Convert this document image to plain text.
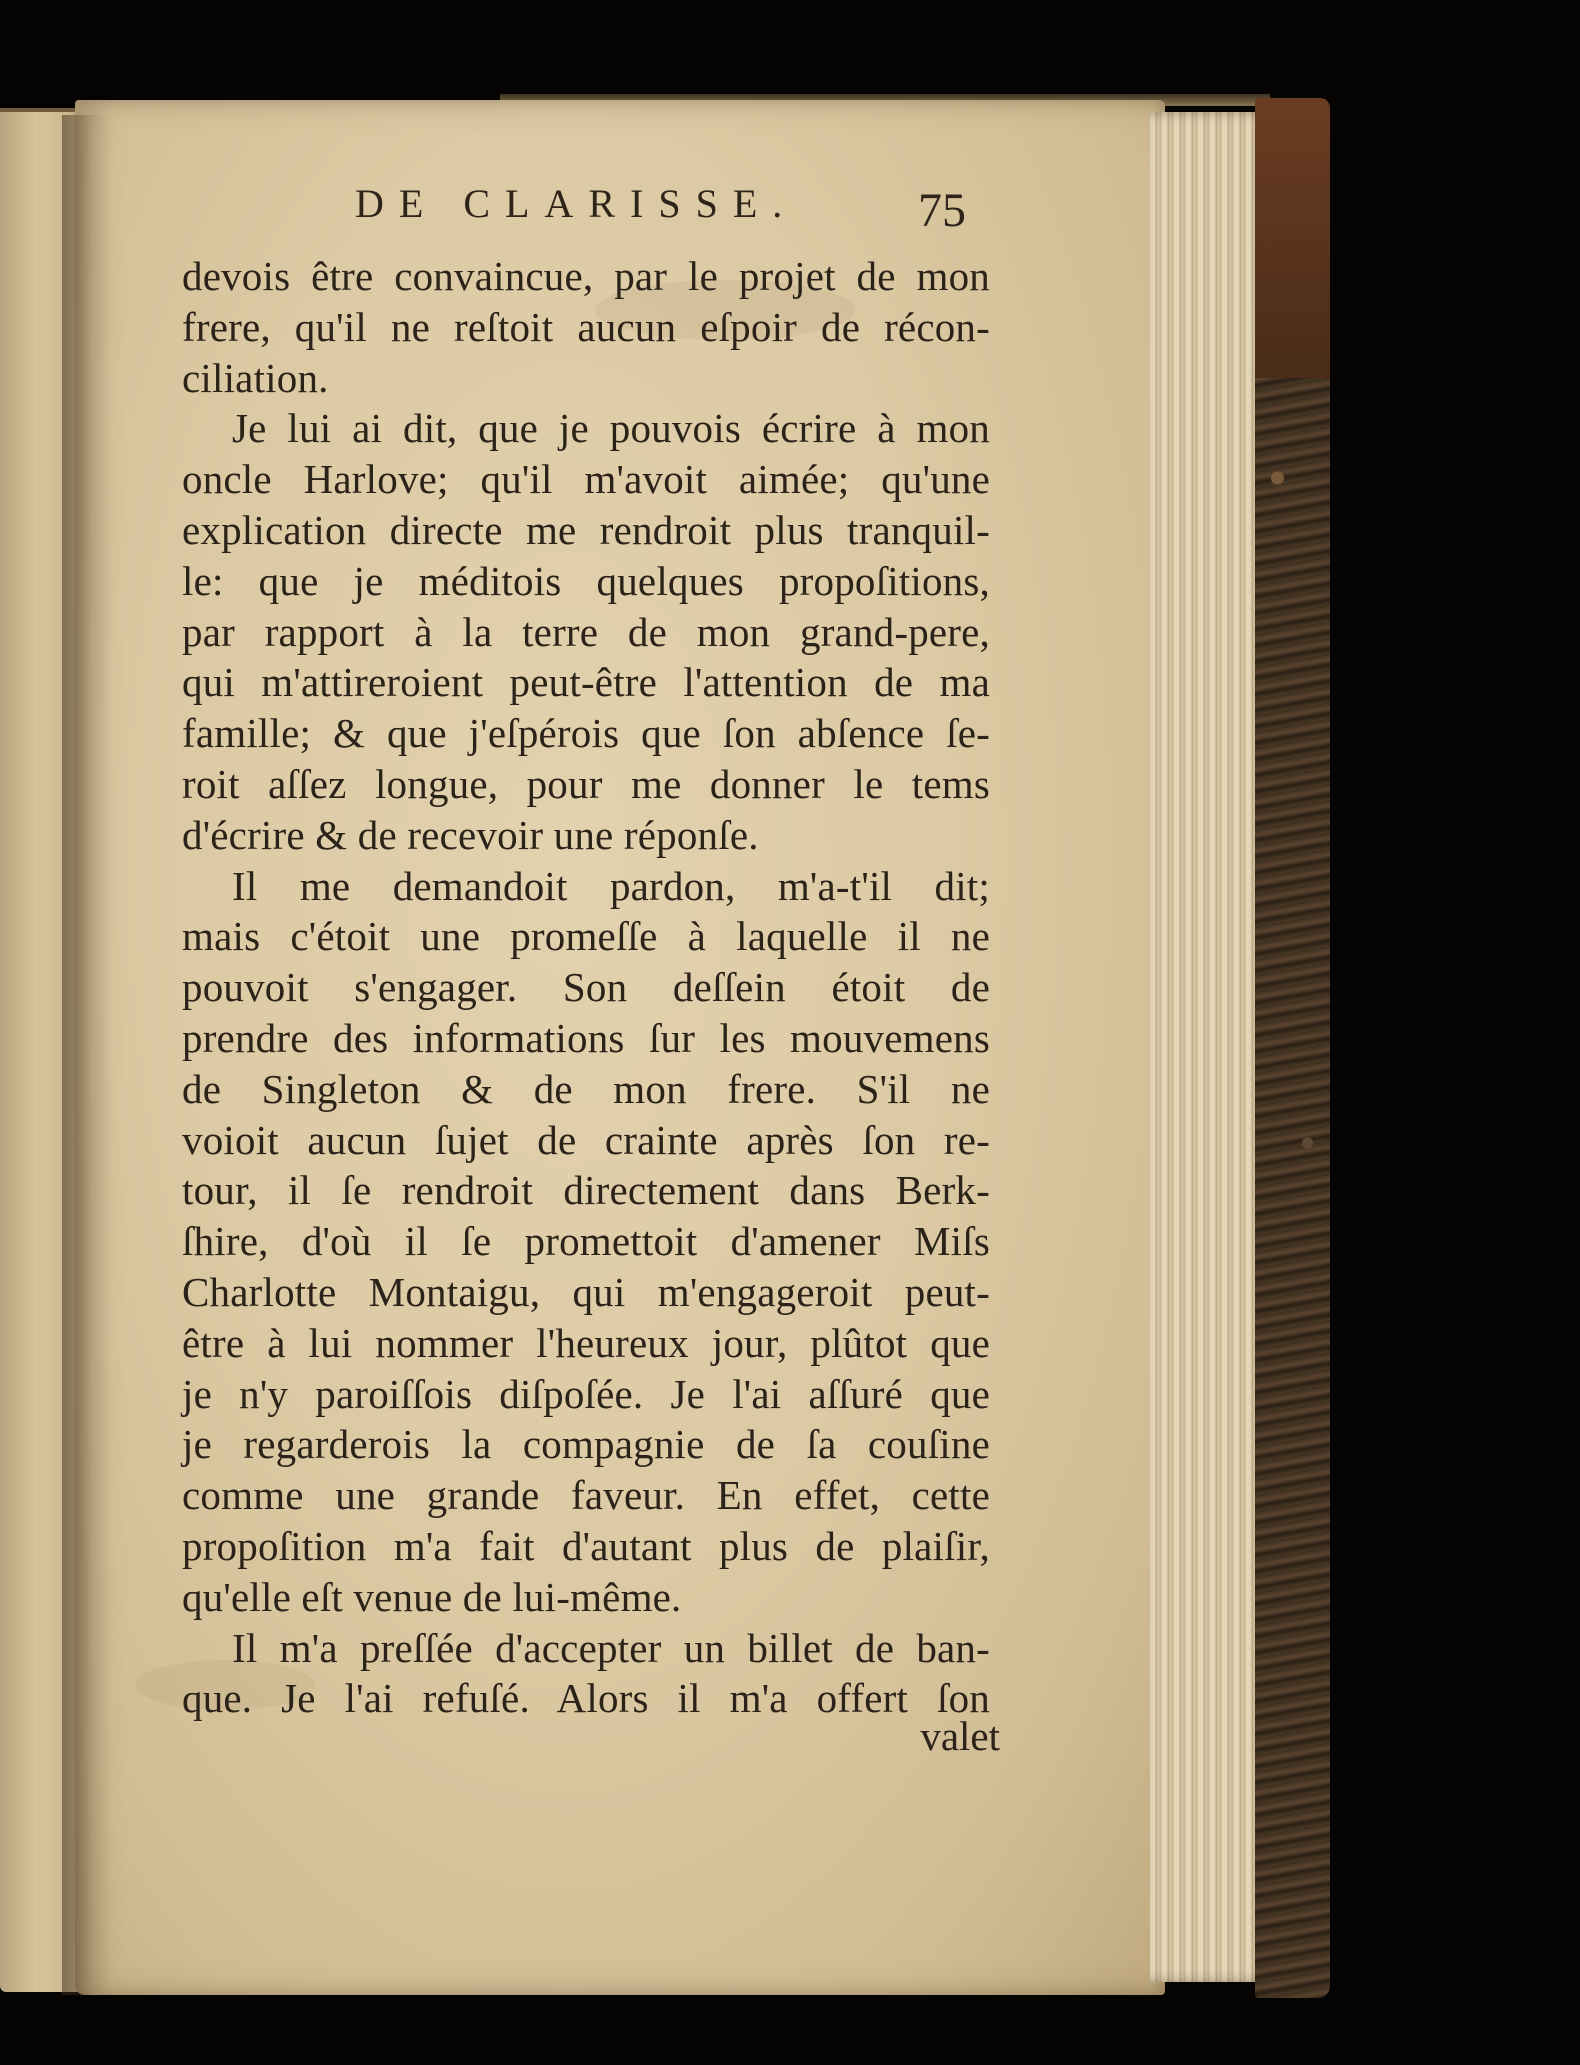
DE CLARISSE.	75
devois être convaincue, par le projet de mon
frere, qu'il ne reſtoit aucun eſpoir de récon-
ciliation.
Je lui ai dit, que je pouvois écrire à mon
oncle Harlove; qu'il m'avoit aimée; qu'une
explication directe me rendroit plus tranquil-
le: que je méditois quelques propoſitions,
par rapport à la terre de mon grand-pere,
qui m'attireroient peut-être l'attention de ma
famille; & que j'eſpérois que ſon abſence ſe-
roit aſſez longue, pour me donner le tems
d'écrire & de recevoir une réponſe.
Il me demandoit pardon, m'a-t'il dit;
mais c'étoit une promeſſe à laquelle il ne
pouvoit s'engager. Son deſſein étoit de
prendre des informations ſur les mouvemens
de Singleton & de mon frere. S'il ne
voioit aucun ſujet de crainte après ſon re-
tour, il ſe rendroit directement dans Berk-
ſhire, d'où il ſe promettoit d'amener Miſs
Charlotte Montaigu, qui m'engageroit peut-
être à lui nommer l'heureux jour, plûtot que
je n'y paroiſſois diſpoſée. Je l'ai aſſuré que
je regarderois la compagnie de ſa couſine
comme une grande faveur. En effet, cette
propoſition m'a fait d'autant plus de plaiſir,
qu'elle eſt venue de lui-même.
Il m'a preſſée d'accepter un billet de ban-
que. Je l'ai refuſé. Alors il m'a offert ſon
valet
